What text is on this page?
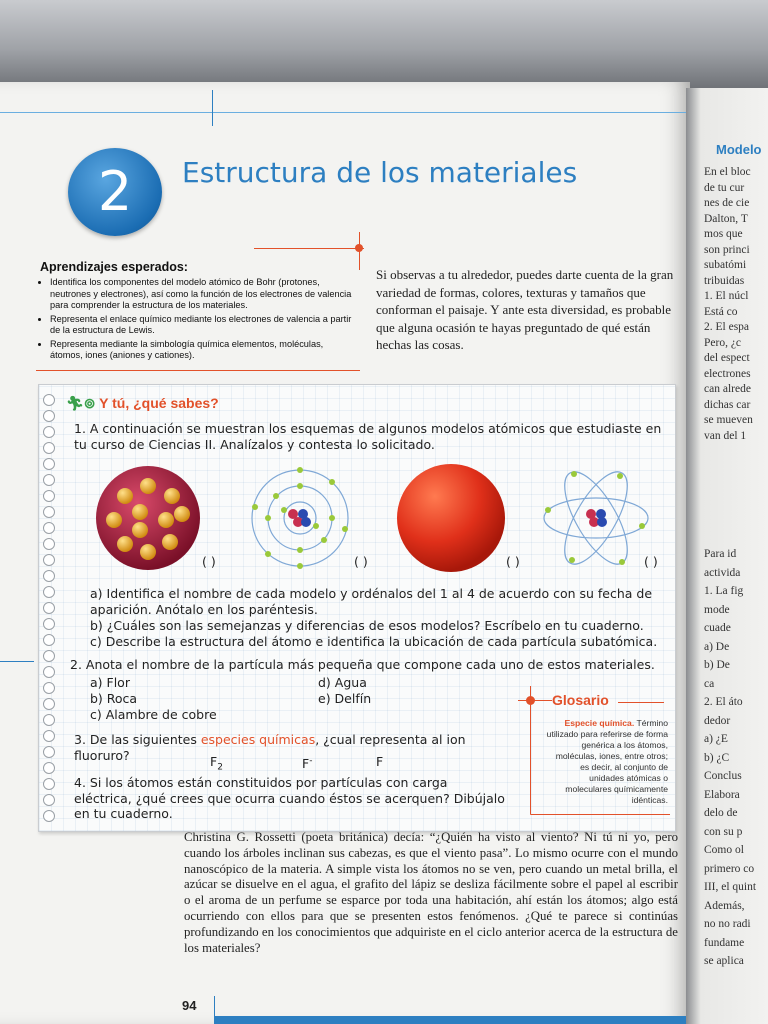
Modelo
En el bloc
de tu cur
nes de cie
Dalton, T
mos que
son princi
subatómi
tribuidas
1. El núcl
Está co
2. El espa
Pero, ¿c
del espect
electrones
can alrede
dichas car
se mueven
van del 1
Para id
activida
1. La fig
mode
cuade
a) De
b) De
ca
2. El áto
dedor
a) ¿E
b) ¿C
Conclus
Elabora
delo de
con su p
Como ol
primero co
III, el quint
Además,
no no radi
fundame
se aplica
2	Estructura de los materiales
Aprendizajes esperados:
• Identifica los componentes del modelo atómico de Bohr (protones, neutrones y electrones), así como la función de los electrones de valencia para comprender la estructura de los materiales.
• Representa el enlace químico mediante los electrones de valencia a partir de la estructura de Lewis.
• Representa mediante la simbología química elementos, moléculas, átomos, iones (aniones y cationes).
Si observas a tu alrededor, puedes darte cuenta de la gran variedad de formas, colores, texturas y tamaños que conforman el paisaje. Y ante esta diversidad, es probable que alguna ocasión te hayas preguntado de qué están hechas las cosas.
🏃︎⊚ Y tú, ¿qué sabes?
1. A continuación se muestran los esquemas de algunos modelos atómicos que estudiaste en tu curso de Ciencias II. Analízalos y contesta lo solicitado.
( )	( )	( )	( )
a) Identifica el nombre de cada modelo y ordénalos del 1 al 4 de acuerdo con su fecha de aparición. Anótalo en los paréntesis.
b) ¿Cuáles son las semejanzas y diferencias de esos modelos? Escríbelo en tu cuaderno.
c) Describe la estructura del átomo e identifica la ubicación de cada partícula subatómica.
2. Anota el nombre de la partícula más pequeña que compone cada uno de estos materiales.
a) Flor
b) Roca
c) Alambre de cobre
d) Agua
e) Delfín
3. De las siguientes especies químicas, ¿cual representa al ion fluoruro?	$F_2$	F-	F
4. Si los átomos están constituidos por partículas con carga eléctrica, ¿qué crees que ocurra cuando éstos se acerquen? Dibújalo en tu cuaderno.
Glosario
Especie química. Término utilizado para referirse de forma genérica a los átomos, moléculas, iones, entre otros; es decir, al conjunto de unidades atómicas o moleculares químicamente idénticas.
Christina G. Rossetti (poeta británica) decía: “¿Quién ha visto al viento? Ni tú ni yo, pero cuando los árboles inclinan sus cabezas, es que el viento pasa”. Lo mismo ocurre con el mundo nanoscópico de la materia. A simple vista los átomos no se ven, pero cuando un metal brilla, el azúcar se disuelve en el agua, el grafito del lápiz se desliza fácilmente sobre el papel al escribir o el aroma de un perfume se esparce por toda una habitación, ahí están los átomos; algo está ocurriendo con ellos para que se presenten estos fenómenos. ¿Qué te parece si continúas profundizando en los conocimientos que adquiriste en el ciclo anterior acerca de la estructura de los materiales?
94
